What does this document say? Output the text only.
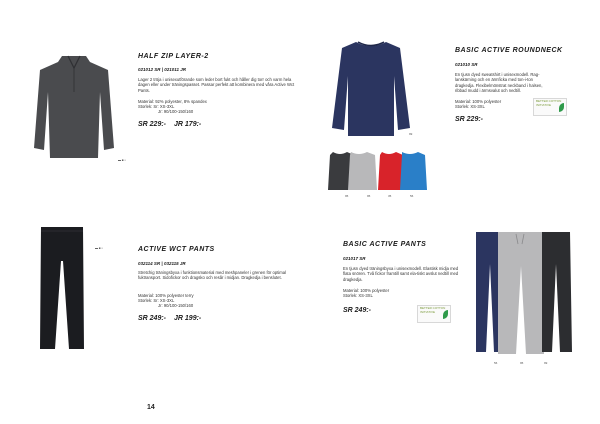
▬ ■ ▪
HALF ZIP LAYER-2
021012 SR | 021011 JR
Lager 2 tröja i unisexutförande som leder bort fukt och håller dig torr och varm hela dagen eller under träningspasset. Passar perfekt att kombinera med våra Active Wct Pants.
Material: 92% polyester, 8% spandex
Storlek: Sr: XS-3XL
Jr: 90/100-150/160
SR 229:- JR 179:-
99
95	95	35	56
BASIC ACTIVE ROUNDNECK
021010 SR
En tjusn dyed sweatshirt i unisexmodell. Rag-lanskärning och en ärmficka med ton-i-ton dragkedja. Flexibelmönstrat neckband i halsen, ribbad mudd i ärmsvalut och nedtill.
Material: 100% polyester
Storlek: XS-3XL
SR 229:-
BETTER COTTON INITIATIVE
▬ ■ ▪	ACTIVE WCT PANTS
032114 SR | 032115 JR
Stretchig träningsbyxa i funktionsmaterial med meshpaneler i grenen för optimal fuktransport. Sidofickor och dragsko och resår i midjan. Dragkedja i benslutet.
Material: 100% polyester terry
Storlek: Sr: XS-3XL
Jr: 90/100-150/160
SR 249:- JR 199:-
BASIC ACTIVE PANTS
021017 SR
En tjusn dyed träningsbyxa i unisexmodell. Elastisk midja med flata snören. Två fickor framtill samt ela-tiskt avslut nedtill med dragkedja.
Material: 100% polyester
Storlek: XS-3XL
SR 249:-	BETTER COTTON INITIATIVE
56	95	99
14
